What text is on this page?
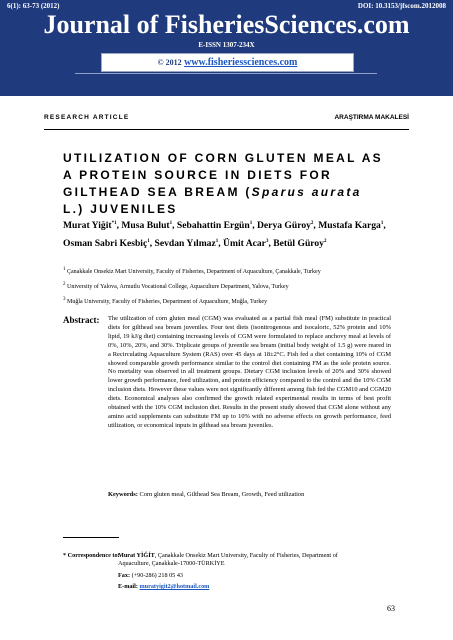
6(1): 63-73 (2012)	DOI: 10.3153/jfscom.2012008
Journal of FisheriesSciences.com
E-ISSN 1307-234X
© 2012 www.fisheriessciences.com
RESEARCH ARTICLE	ARAŞTIRMA MAKALESİ
UTILIZATION OF CORN GLUTEN MEAL AS A PROTEIN SOURCE IN DIETS FOR GILTHEAD SEA BREAM (Sparus aurata L.) JUVENILES
Murat Yiğit$^{*1}$, Musa Bulut$^1$, Sebahattin Ergün$^1$, Derya Güroy$^2$, Mustafa Karga$^1$,
Osman Sabri Kesbiç$^1$, Sevdan Yılmaz$^1$, Ümit Acar$^3$, Betül Güroy$^2$
$^1$ Çanakkale Onsekiz Mart University, Faculty of Fisheries, Department of Aquaculture, Çanakkale, Turkey
$^2$ University of Yalova, Armutlu Vocational College, Aquaculture Department, Yalova, Turkey
$^3$ Muğla University, Faculty of Fisheries, Department of Aquaculture, Muğla, Turkey
Abstract: The utilization of corn gluten meal (CGM) was evaluated as a partial fish meal (FM) substitute in practical diets for gilthead sea bream juveniles. Four test diets (isonitrogenous and isocaloric, 52% protein and 10% lipid, 19 kJ/g diet) containing increasing levels of CGM were formulated to replace anchovy meal at levels of 0%, 10%, 20%, and 30%. Triplicate groups of juvenile sea bream (initial body weight of 1.5 g) were reared in a Recirculating Aquaculture System (RAS) over 45 days at 18±2°C. Fish fed a diet containing 10% of CGM showed comparable growth performance similar to the control diet containing FM as the sole protein source. No mortality was observed in all treatment groups. Dietary CGM inclusion levels of 20% and 30% showed lower growth performance, feed utilization, and protein efficiency compared to the control and the 10% CGM inclusion diets. However these values were not significantly different among fish fed the CGM10 and CGM20 diets. Economical analyses also confirmed the growth related experimental results in terms of best profit obtained with the 10% CGM inclusion diet. Results in the present study showed that CGM alone without any amino acid supplements can substitute FM up to 10% with no adverse effects on growth performance, feed utilization, or economical inputs in gilthead sea bream juveniles.

Keywords: Corn gluten meal, Gilthead Sea Bream, Growth, Feed utilization
* Correspondence to:
Murat YİĞİT, Çanakkale Onsekiz Mart University, Faculty of Fisheries, Department of Aquaculture, Çanakkale-17000-TÜRKİYE
Fax: (+90-286) 218 05 43
E-mail: muratyigit2@hotmail.com
63
